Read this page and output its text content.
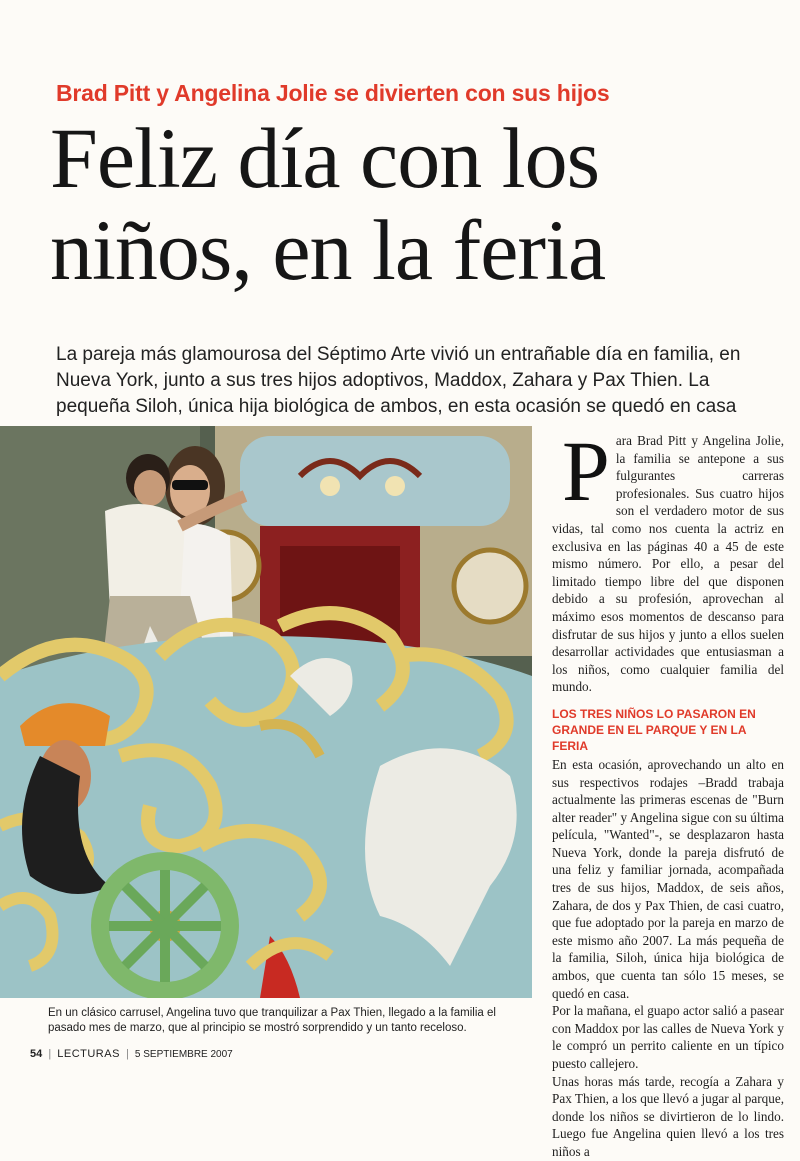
Brad Pitt y Angelina Jolie se divierten con sus hijos
Feliz día con los
niños, en la feria
La pareja más glamourosa del Séptimo Arte vivió un entrañable día en familia, en Nueva York, junto a sus tres hijos adoptivos, Maddox, Zahara y Pax Thien. La pequeña Siloh, única hija biológica de ambos, en esta ocasión se quedó en casa
En un clásico carrusel, Angelina tuvo que tranquilizar a Pax Thien, llegado a la familia el pasado mes de marzo, que al principio se mostró sorprendido y un tanto receloso.
P ara Brad Pitt y Angelina Jolie, la familia se antepone a sus fulgurantes carreras profesionales. Sus cuatro hijos son el verdadero motor de sus vidas, tal como nos cuenta la actriz en exclusiva en las páginas 40 a 45 de este mismo número. Por ello, a pesar del limitado tiempo libre del que disponen debido a su profesión, aprovechan al máximo esos momentos de descanso para disfrutar de sus hijos y junto a ellos suelen desarrollar actividades que entusiasman a los niños, como cualquier familia del mundo.

LOS TRES NIÑOS LO PASARON EN GRANDE EN EL PARQUE Y EN LA FERIA

En esta ocasión, aprovechando un alto en sus respectivos rodajes –Bradd trabaja actualmente las primeras escenas de "Burn alter reader" y Angelina sigue con su última película, "Wanted"-, se desplazaron hasta Nueva York, donde la pareja disfrutó de una feliz y familiar jornada, acompañada tres de sus hijos, Maddox, de seis años, Zahara, de dos y Pax Thien, de casi cuatro, que fue adoptado por la pareja en marzo de este mismo año 2007. La más pequeña de la familia, Siloh, única hija biológica de ambos, que cuenta tan sólo 15 meses, se quedó en casa.

Por la mañana, el guapo actor salió a pasear con Maddox por las calles de Nueva York y le compró un perrito caliente en un típico puesto callejero.

Unas horas más tarde, recogía a Zahara y Pax Thien, a los que llevó a jugar al parque, donde los niños se divirtieron de lo lindo. Luego fue Angelina quien llevó a los tres niños a

54 | LECTURAS | 5 SEPTIEMBRE 2007
